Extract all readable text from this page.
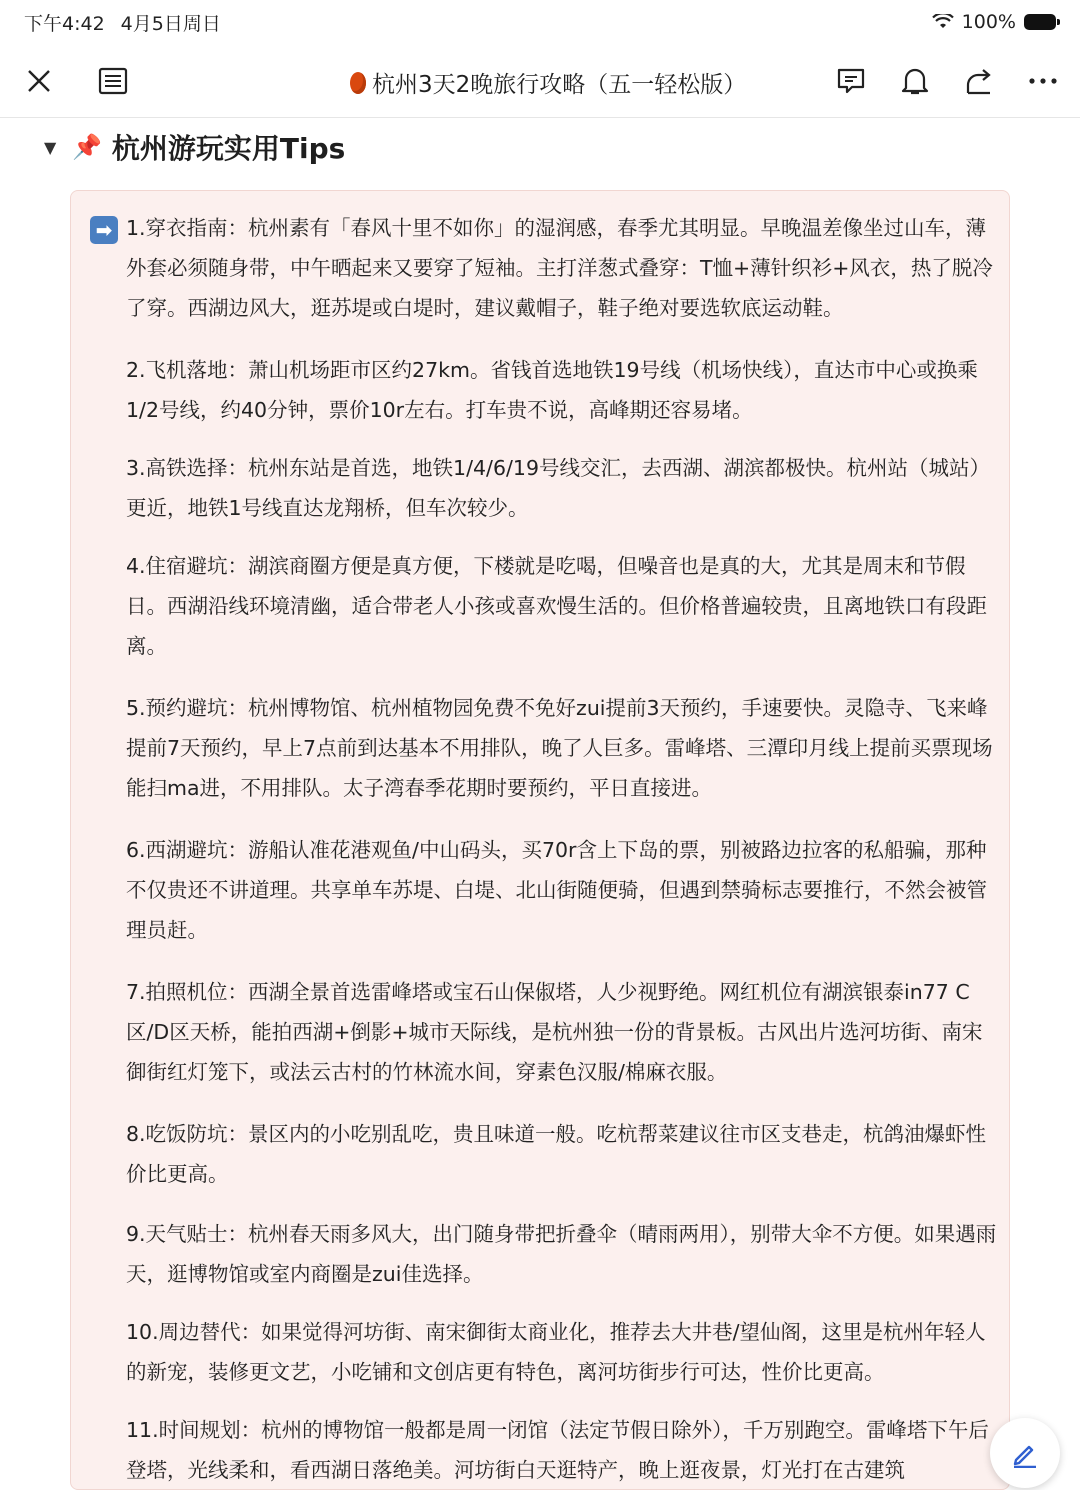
下午4:42 4月5日周日	100%
杭州3天2晚旅行攻略（五一轻松版）
▼ 📌 杭州游玩实用Tips
➡ 1.穿衣指南：杭州素有「春风十里不如你」的湿润感，春季尤其明显。早晚温差像坐过山车，薄外套必须随身带，中午晒起来又要穿了短袖。主打洋葱式叠穿：T恤+薄针织衫+风衣，热了脱冷了穿。西湖边风大，逛苏堤或白堤时，建议戴帽子，鞋子绝对要选软底运动鞋。
2.飞机落地：萧山机场距市区约27km。省钱首选地铁19号线（机场快线），直达市中心或换乘1/2号线，约40分钟，票价10r左右。打车贵不说，高峰期还容易堵。
3.高铁选择：杭州东站是首选，地铁1/4/6/19号线交汇，去西湖、湖滨都极快。杭州站（城站）更近，地铁1号线直达龙翔桥，但车次较少。
4.住宿避坑：湖滨商圈方便是真方便，下楼就是吃喝，但噪音也是真的大，尤其是周末和节假日。西湖沿线环境清幽，适合带老人小孩或喜欢慢生活的。但价格普遍较贵，且离地铁口有段距离。
5.预约避坑：杭州博物馆、杭州植物园免费不免好zui提前3天预约，手速要快。灵隐寺、飞来峰提前7天预约，早上7点前到达基本不用排队，晚了人巨多。雷峰塔、三潭印月线上提前买票现场能扫ma进，不用排队。太子湾春季花期时要预约，平日直接进。
6.西湖避坑：游船认准花港观鱼/中山码头，买70r含上下岛的票，别被路边拉客的私船骗，那种不仅贵还不讲道理。共享单车苏堤、白堤、北山街随便骑，但遇到禁骑标志要推行，不然会被管理员赶。
7.拍照机位：西湖全景首选雷峰塔或宝石山保俶塔，人少视野绝。网红机位有湖滨银泰in77 C区/D区天桥，能拍西湖+倒影+城市天际线，是杭州独一份的背景板。古风出片选河坊街、南宋御街红灯笼下，或法云古村的竹林流水间，穿素色汉服/棉麻衣服。
8.吃饭防坑：景区内的小吃别乱吃，贵且味道一般。吃杭帮菜建议往市区支巷走，杭鸽油爆虾性价比更高。
9.天气贴士：杭州春天雨多风大，出门随身带把折叠伞（晴雨两用），别带大伞不方便。如果遇雨天，逛博物馆或室内商圈是zui佳选择。
10.周边替代：如果觉得河坊街、南宋御街太商业化，推荐去大井巷/望仙阁，这里是杭州年轻人的新宠，装修更文艺，小吃铺和文创店更有特色，离河坊街步行可达，性价比更高。
11.时间规划：杭州的博物馆一般都是周一闭馆（法定节假日除外），千万别跑空。雷峰塔下午后登塔，光线柔和，看西湖日落绝美。河坊街白天逛特产，晚上逛夜景，灯光打在古建筑
